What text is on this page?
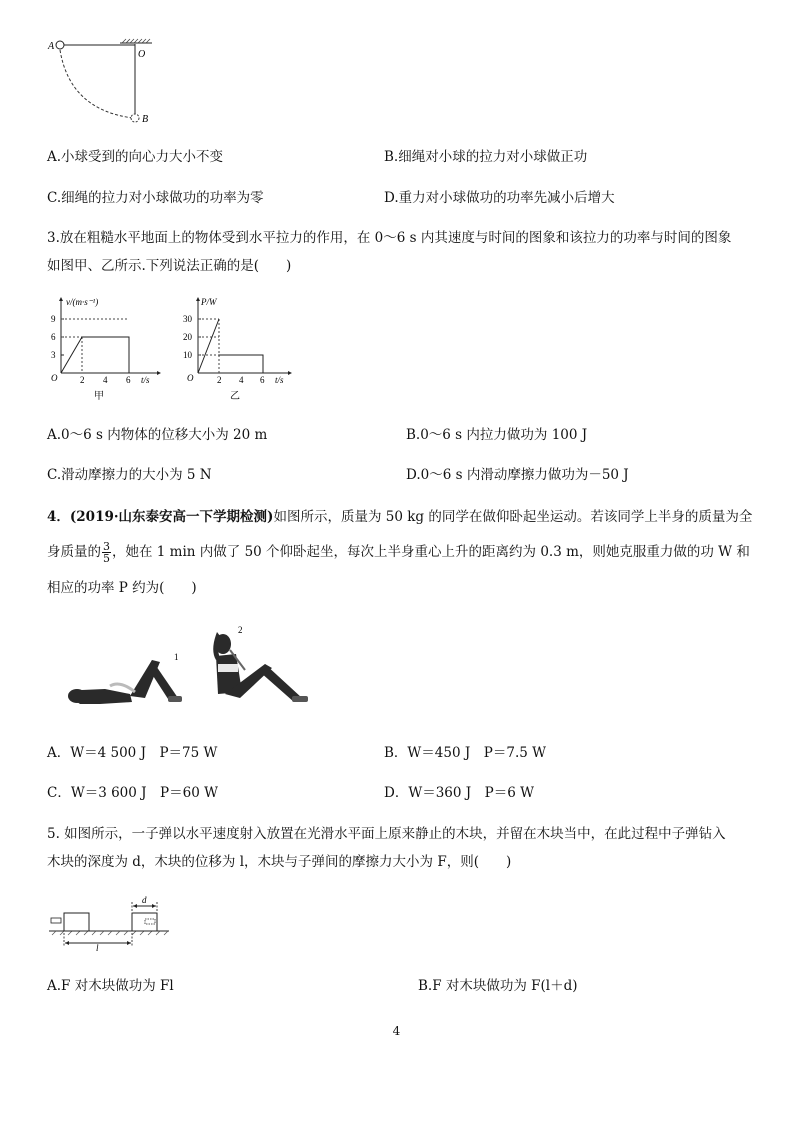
A
O
B
A.小球受到的向心力大小不变	B.细绳对小球的拉力对小球做正功
C.细绳的拉力对小球做功的功率为零	D.重力对小球做功的功率先减小后增大
3.放在粗糙水平地面上的物体受到水平拉力的作用，在 0～6 s 内其速度与时间的图象和该拉力的功率与时间的图象
如图甲、乙所示.下列说法正确的是(　　)
v/(m·s⁻¹)
9
6
3
O	2 4 6 t/s
甲
P/W
30
20
10
O	2 4 6 t/s
乙
A.0～6 s 内物体的位移大小为 20 m	B.0～6 s 内拉力做功为 100 J
C.滑动摩擦力的大小为 5 N	D.0～6 s 内滑动摩擦力做功为－50 J
4．(2019·山东泰安高一下学期检测)如图所示，质量为 50 kg 的同学在做仰卧起坐运动。若该同学上半身的质量为全
身质量的 $\frac{3}{5}$ ，她在 1 min 内做了 50 个仰卧起坐，每次上半身重心上升的距离约为 0.3 m，则她克服重力做的功 W 和
相应的功率 P 约为(　　)
1
2
A．W＝4 500 J　P＝75 W	B．W＝450 J　P＝7.5 W
C．W＝3 600 J　P＝60 W	D．W＝360 J　P＝6 W
5. 如图所示，一子弹以水平速度射入放置在光滑水平面上原来静止的木块，并留在木块当中，在此过程中子弹钻入
木块的深度为 d，木块的位移为 l，木块与子弹间的摩擦力大小为 F，则(　　)
d
l
A.F 对木块做功为 Fl	B.F 对木块做功为 F(l＋d)
4
